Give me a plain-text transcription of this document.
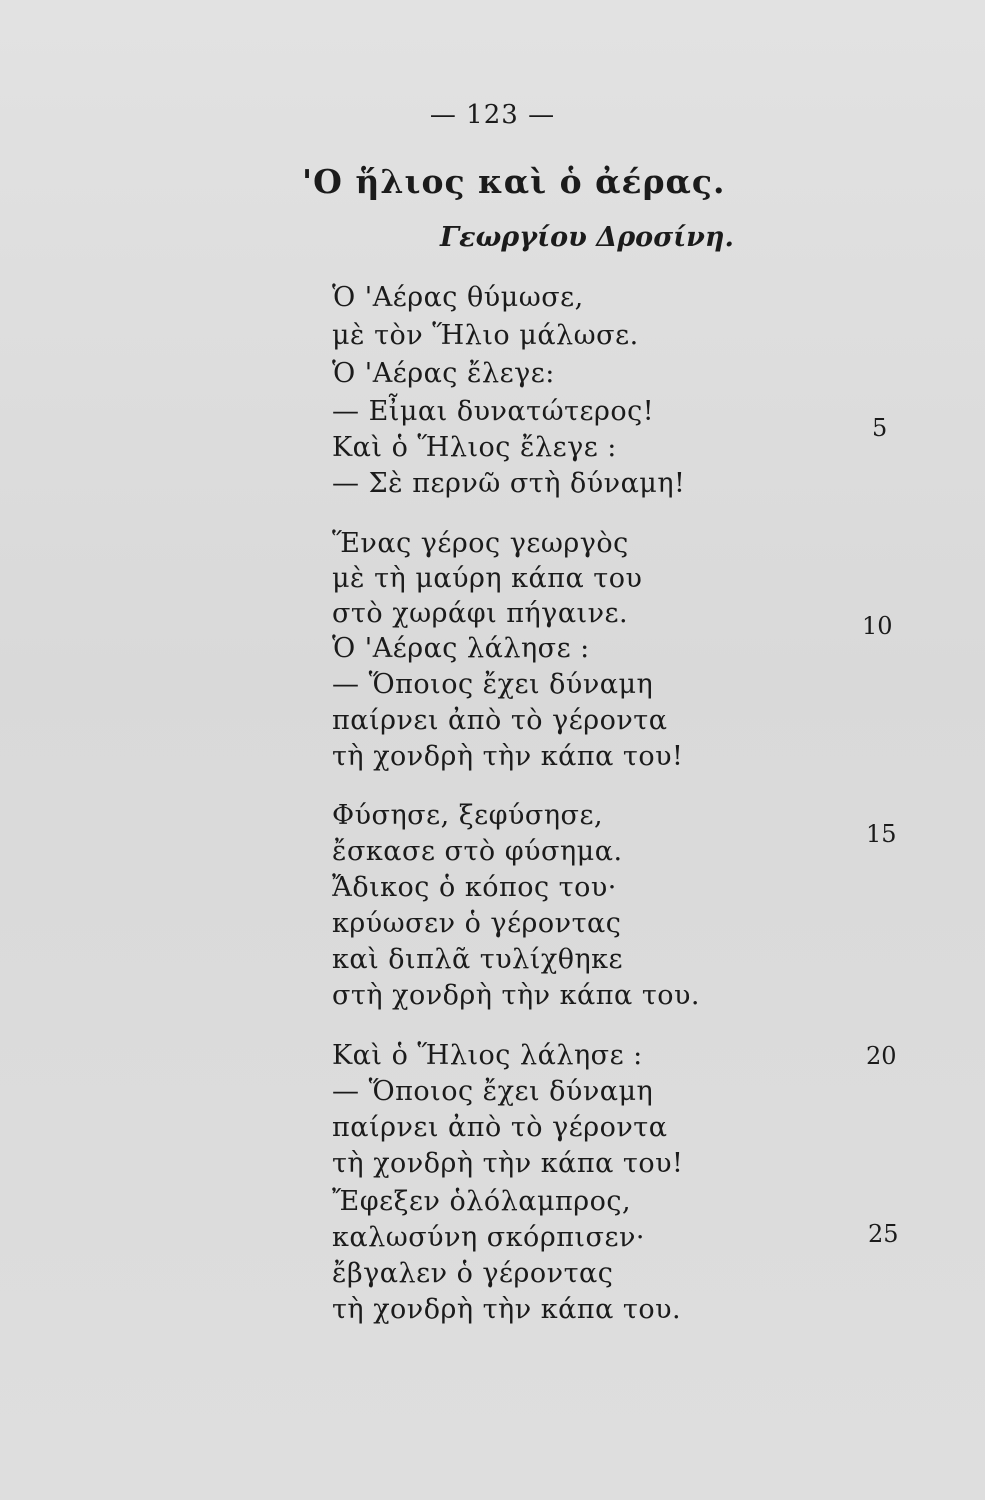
— 123 —
'Ο ἥλιος καὶ ὁ ἀέρας.
Γεωργίου Δροσίνη.
Ὁ 'Αέρας θύμωσε,
μὲ τὸν Ἥλιο μάλωσε.
Ὁ 'Αέρας ἔλεγε:
— Εἶμαι δυνατώτερος!
Καὶ ὁ Ἥλιος ἔλεγε :
— Σὲ περνῶ στὴ δύναμη!
Ἕνας γέρος γεωργὸς
μὲ τὴ μαύρη κάπα του
στὸ χωράφι πήγαινε.
Ὁ 'Αέρας λάλησε :
— Ὅποιος ἔχει δύναμη
παίρνει ἀπὸ τὸ γέροντα
τὴ χονδρὴ τὴν κάπα του!
Φύσησε, ξεφύσησε,
ἔσκασε στὸ φύσημα.
Ἄδικος ὁ κόπος του·
κρύωσεν ὁ γέροντας
καὶ διπλᾶ τυλίχθηκε
στὴ χονδρὴ τὴν κάπα του.
Καὶ ὁ Ἥλιος λάλησε :
— Ὅποιος ἔχει δύναμη
παίρνει ἀπὸ τὸ γέροντα
τὴ χονδρὴ τὴν κάπα του!
Ἔφεξεν ὁλόλαμπρος,
καλωσύνη σκόρπισεν·
ἔβγαλεν ὁ γέροντας
τὴ χονδρὴ τὴν κάπα του.
5
10
15
20
25
